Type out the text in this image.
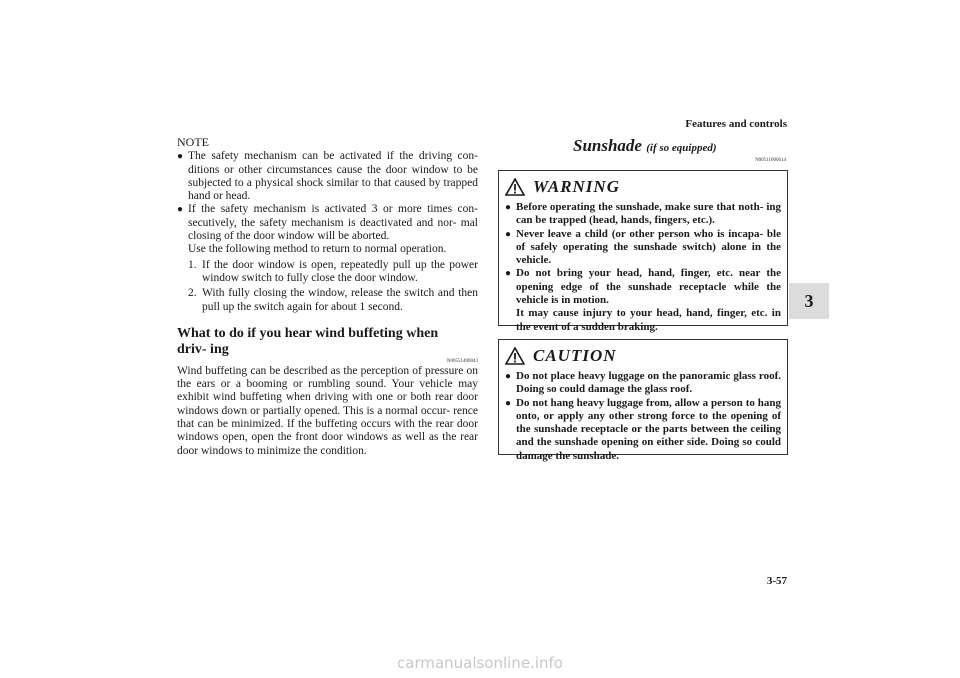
Features and controls
3
3-57
NOTE
● The safety mechanism can be activated if the driving con- ditions or other circumstances cause the door window to be subjected to a physical shock similar to that caused by trapped hand or head.
● If the safety mechanism is activated 3 or more times con- secutively, the safety mechanism is deactivated and nor- mal closing of the door window will be aborted.
Use the following method to return to normal operation.
1. If the door window is open, repeatedly pull up the power window switch to fully close the door window.
2. With fully closing the window, release the switch and then pull up the switch again for about 1 second.
What to do if you hear wind buffeting when driv- ing
N00551400043
Wind buffeting can be described as the perception of pressure on the ears or a booming or rumbling sound. Your vehicle may exhibit wind buffeting when driving with one or both rear door windows down or partially opened. This is a normal occur- rence that can be minimized. If the buffeting occurs with the rear door windows open, open the front door windows as well as the rear door windows to minimize the condition.
Sunshade (if so equipped)
N00511000614
WARNING
● Before operating the sunshade, make sure that noth- ing can be trapped (head, hands, fingers, etc.).
● Never leave a child (or other person who is incapa- ble of safely operating the sunshade switch) alone in the vehicle.
● Do not bring your head, hand, finger, etc. near the opening edge of the sunshade receptacle while the vehicle is in motion.
It may cause injury to your head, hand, finger, etc. in the event of a sudden braking.
CAUTION
● Do not place heavy luggage on the panoramic glass roof. Doing so could damage the glass roof.
● Do not hang heavy luggage from, allow a person to hang onto, or apply any other strong force to the opening of the sunshade receptacle or the parts between the ceiling and the sunshade opening on either side. Doing so could damage the sunshade.
carmanualsonline.info
